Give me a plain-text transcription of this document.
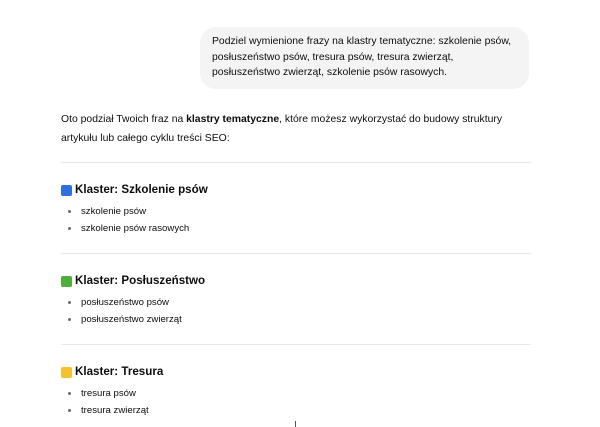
Podziel wymienione frazy na klastry tematyczne: szkolenie psów, posłuszeństwo psów, tresura psów, tresura zwierząt, posłuszeństwo zwierząt, szkolenie psów rasowych.

Oto podział Twoich fraz na klastry tematyczne, które możesz wykorzystać do budowy struktury artykułu lub całego cyklu treści SEO:

Klaster: Szkolenie psów
szkolenie psów
szkolenie psów rasowych
Klaster: Posłuszeństwo
posłuszeństwo psów
posłuszeństwo zwierząt
Klaster: Tresura
tresura psów
tresura zwierząt
